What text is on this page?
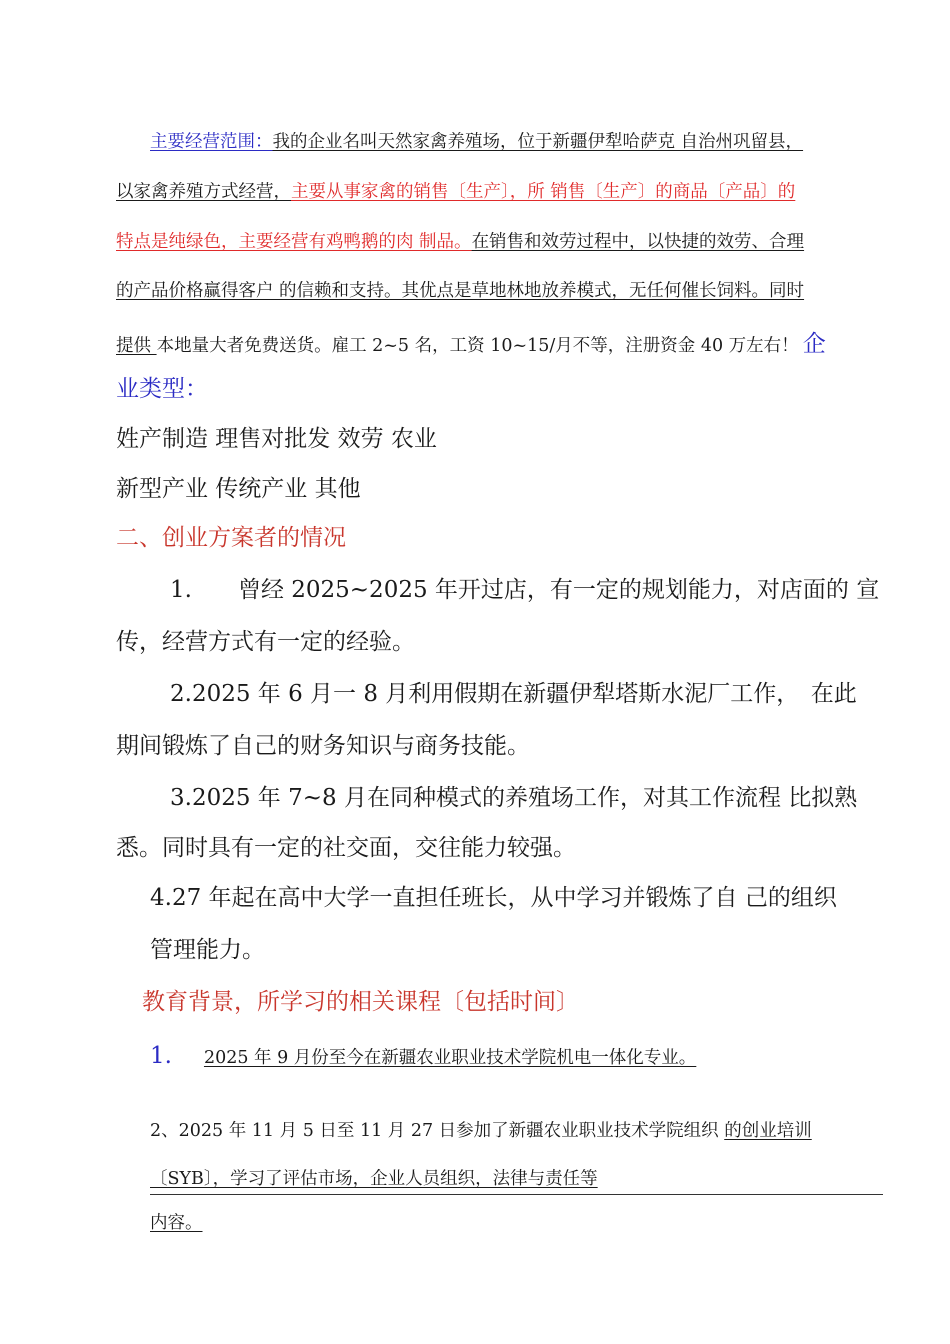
主要经营范围：我的企业名叫天然家禽养殖场，位于新疆伊犁哈萨克 自治州巩留县，
以家禽养殖方式经营，主要从事家禽的销售〔生产〕，所 销售〔生产〕的商品〔产品〕的
特点是纯绿色，主要经营有鸡鸭鹅的肉 制品。在销售和效劳过程中，以快捷的效劳、合理
的产品价格赢得客户 的信赖和支持。其优点是草地林地放养模式，无任何催长饲料。同时
提供 本地量大者免费送货。雇工 2~5 名，工资 10~15/月不等，注册资金 40 万左右！ 企
业类型：
姓产制造 理售对批发 效劳 农业
新型产业 传统产业 其他
二、创业方案者的情况
1.　　曾经 2025~2025 年开过店，有一定的规划能力，对店面的 宣
传，经营方式有一定的经验。
2.2025 年 6 月一 8 月利用假期在新疆伊犁塔斯水泥厂工作，　在此
期间锻炼了自己的财务知识与商务技能。
3.2025 年 7~8 月在同种模式的养殖场工作，对其工作流程 比拟熟
悉。同时具有一定的社交面，交往能力较强。
4.27 年起在高中大学一直担任班长，从中学习并锻炼了自 己的组织
管理能力。
教育背景，所学习的相关课程〔包括时间〕
1. 2025 年 9 月份至今在新疆农业职业技术学院机电一体化专业。
2、2025 年 11 月 5 日至 11 月 27 日参加了新疆农业职业技术学院组织 的创业培训
〔SYB〕，学习了评估市场，企业人员组织，法律与责任等
内容。
